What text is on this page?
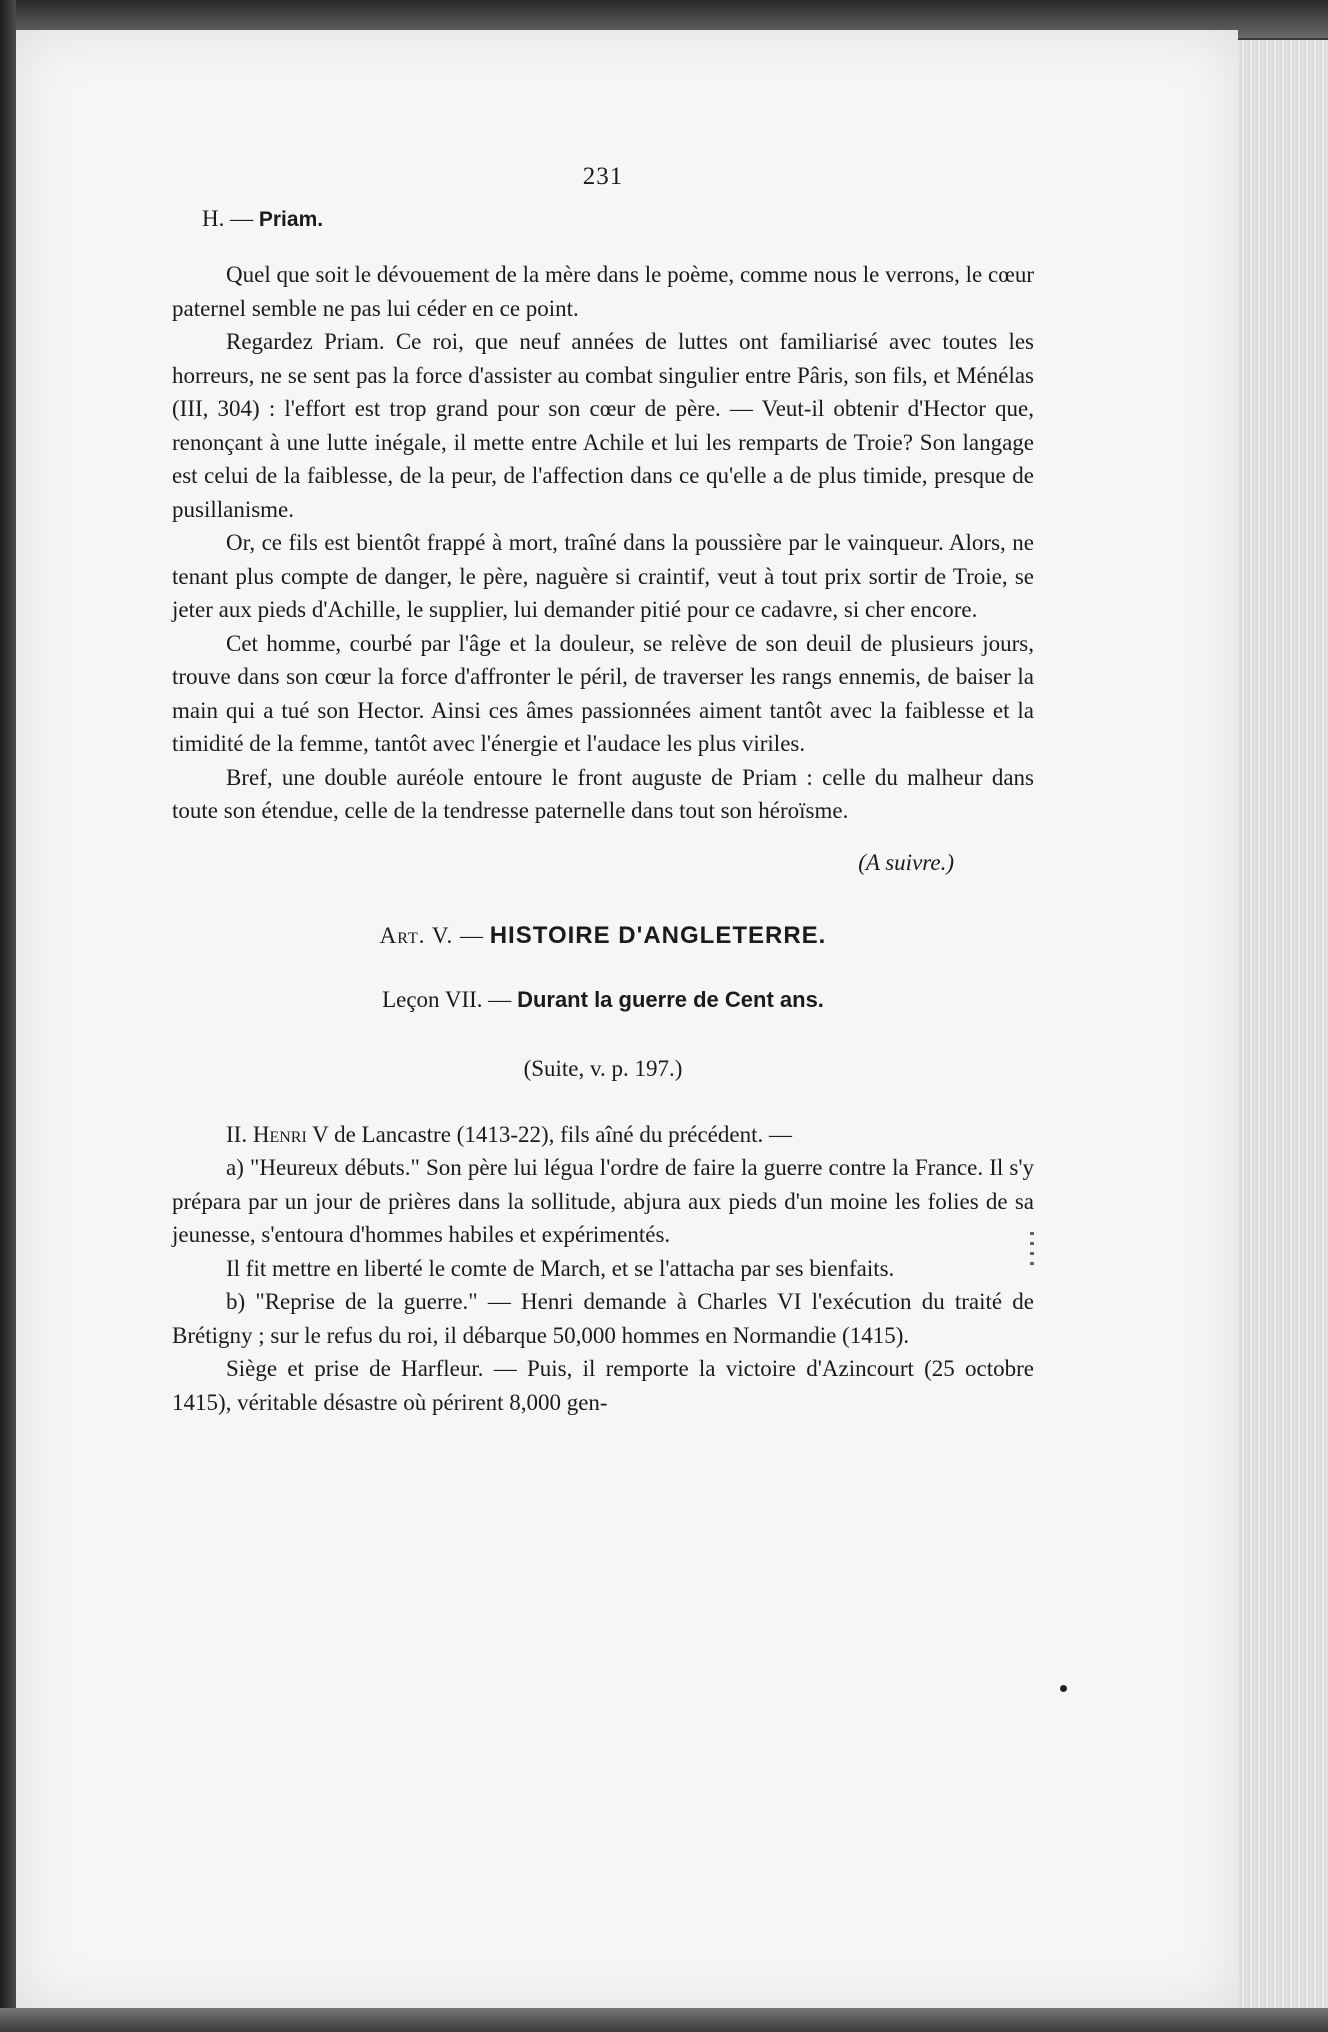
231
H. — Priam.

Quel que soit le dévouement de la mère dans le poème, comme nous le verrons, le cœur paternel semble ne pas lui céder en ce point.

Regardez Priam. Ce roi, que neuf années de luttes ont familiarisé avec toutes les horreurs, ne se sent pas la force d'assister au combat singulier entre Pâris, son fils, et Ménélas (III, 304) : l'effort est trop grand pour son cœur de père. — Veut-il obtenir d'Hector que, renonçant à une lutte inégale, il mette entre Achile et lui les remparts de Troie? Son langage est celui de la faiblesse, de la peur, de l'affection dans ce qu'elle a de plus timide, presque de pusillanisme.

Or, ce fils est bientôt frappé à mort, traîné dans la poussière par le vainqueur. Alors, ne tenant plus compte de danger, le père, naguère si craintif, veut à tout prix sortir de Troie, se jeter aux pieds d'Achille, le supplier, lui demander pitié pour ce cadavre, si cher encore.

Cet homme, courbé par l'âge et la douleur, se relève de son deuil de plusieurs jours, trouve dans son cœur la force d'affronter le péril, de traverser les rangs ennemis, de baiser la main qui a tué son Hector. Ainsi ces âmes passionnées aiment tantôt avec la faiblesse et la timidité de la femme, tantôt avec l'énergie et l'audace les plus viriles.

Bref, une double auréole entoure le front auguste de Priam : celle du malheur dans toute son étendue, celle de la tendresse paternelle dans tout son héroïsme.

(A suivre.)
Art. V. — HISTOIRE D'ANGLETERRE.
Leçon VII. — Durant la guerre de Cent ans.
(Suite, v. p. 197.)

II. Henri V de Lancastre (1413-22), fils aîné du précédent. —

a) "Heureux débuts." Son père lui légua l'ordre de faire la guerre contre la France. Il s'y prépara par un jour de prières dans la sollitude, abjura aux pieds d'un moine les folies de sa jeunesse, s'entoura d'hommes habiles et expérimentés.

Il fit mettre en liberté le comte de March, et se l'attacha par ses bienfaits.

b) "Reprise de la guerre." — Henri demande à Charles VI l'exécution du traité de Brétigny ; sur le refus du roi, il débarque 50,000 hommes en Normandie (1415).

Siège et prise de Harfleur. — Puis, il remporte la victoire d'Azincourt (25 octobre 1415), véritable désastre où périrent 8,000 gen-
